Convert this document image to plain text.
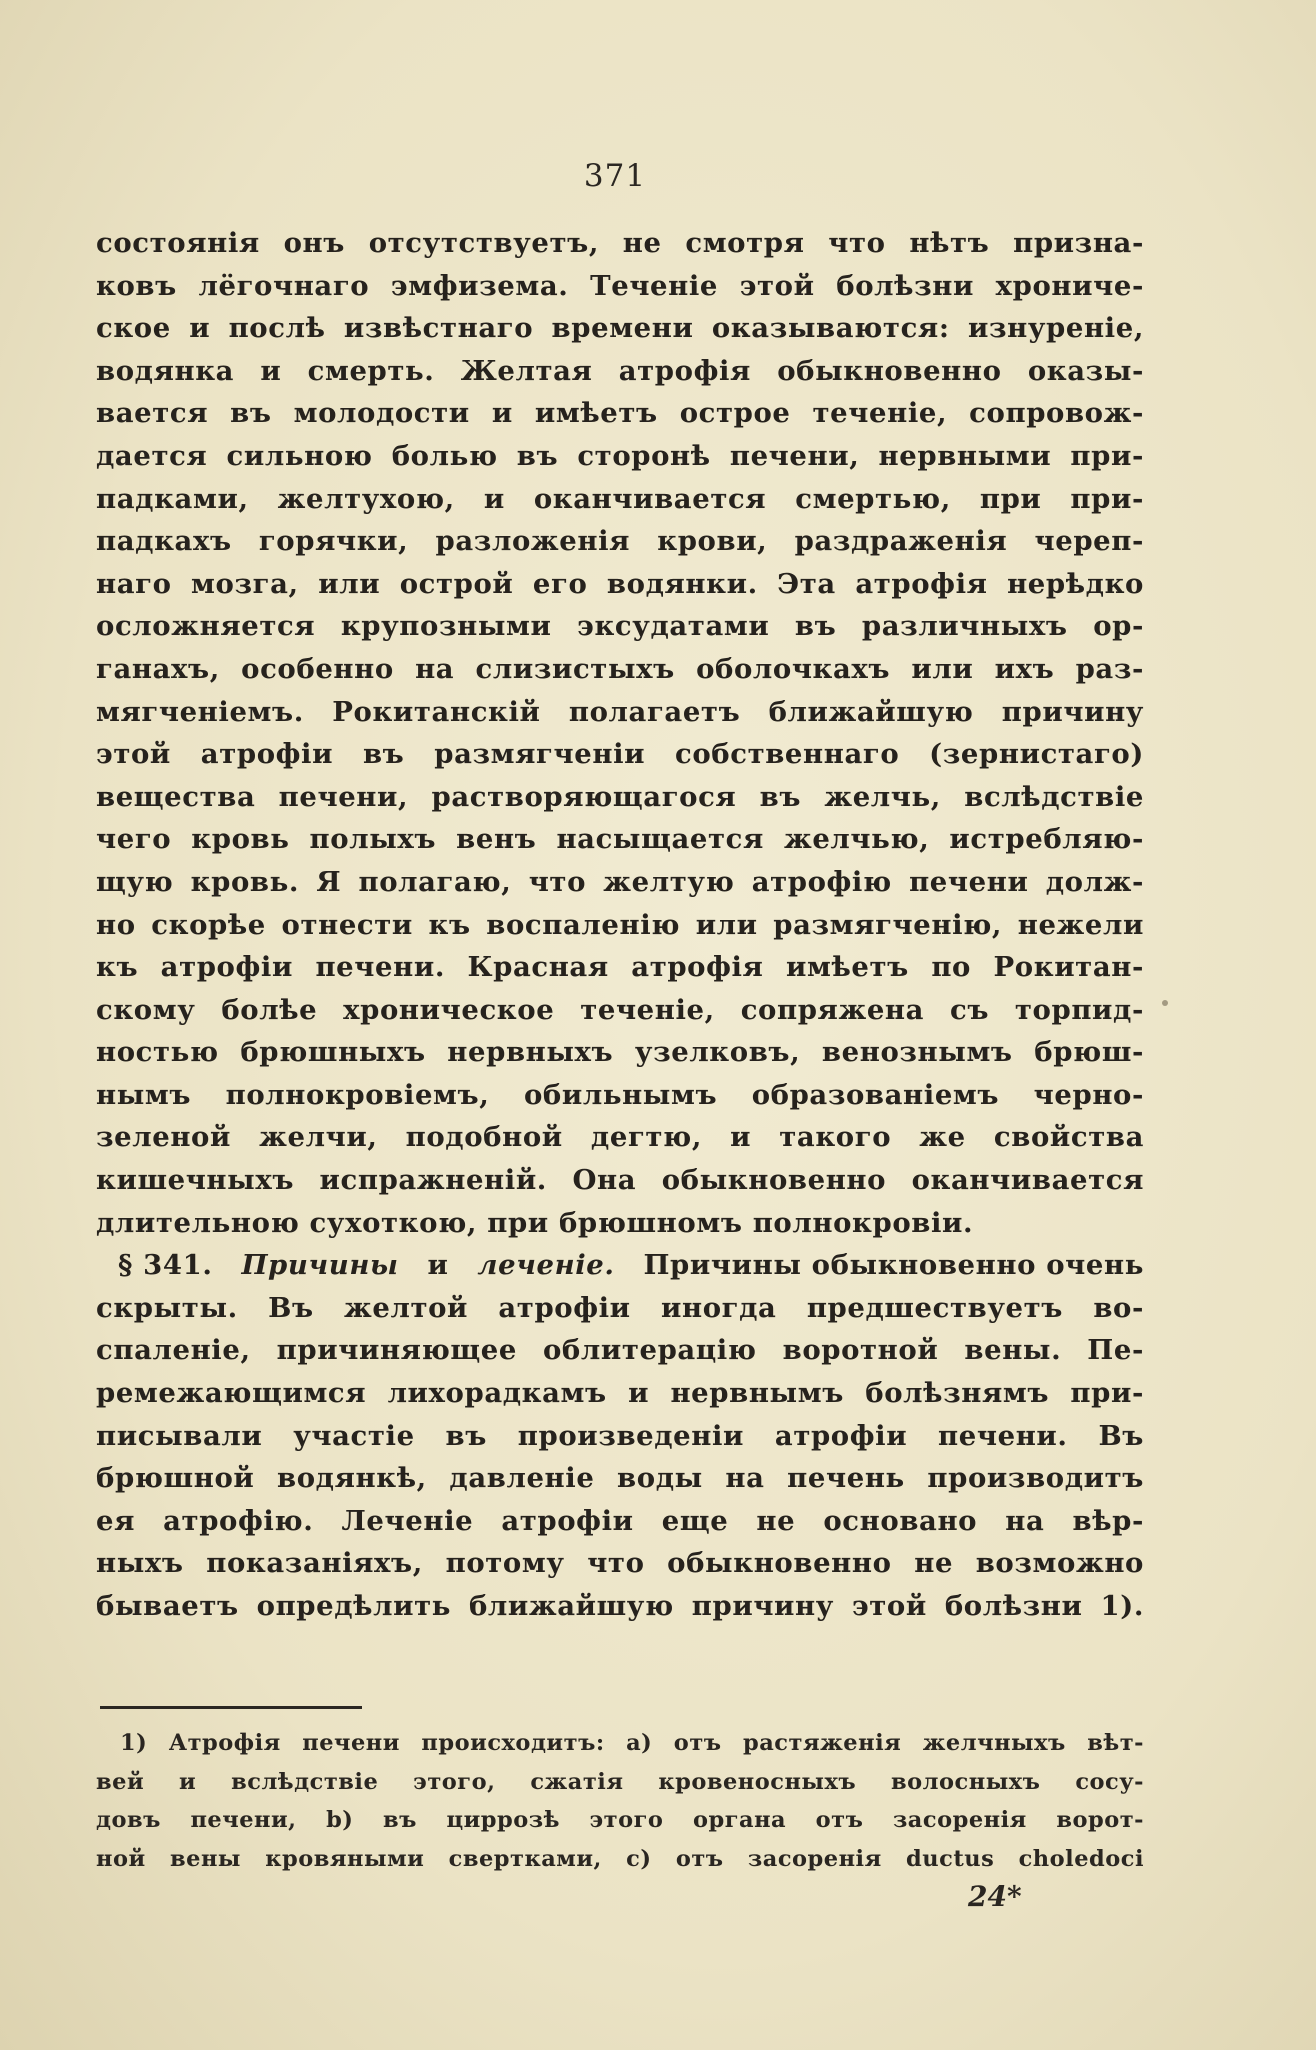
371
состоянія онъ отсутствуетъ, не смотря что нѣтъ призна-
ковъ лёгочнаго эмфизема. Теченіе этой болѣзни хрониче-
ское и послѣ извѣстнаго времени оказываются: изнуреніе,
водянка и смерть. Желтая атрофія обыкновенно оказы-
вается въ молодости и имѣетъ острое теченіе, сопровож-
дается сильною болью въ сторонѣ печени, нервными при-
падками, желтухою, и оканчивается смертью, при при-
падкахъ горячки, разложенія крови, раздраженія череп-
наго мозга, или острой его водянки. Эта атрофія нерѣдко
осложняется крупозными эксудатами въ различныхъ ор-
ганахъ, особенно на слизистыхъ оболочкахъ или ихъ раз-
мягченіемъ. Рокитанскій полагаетъ ближайшую причину
этой атрофіи въ размягченіи собственнаго (зернистаго)
вещества печени, растворяющагося въ желчь, вслѣдствіе
чего кровь полыхъ венъ насыщается желчью, истребляю-
щую кровь. Я полагаю, что желтую атрофію печени долж-
но скорѣе отнести къ воспаленію или размягченію, нежели
къ атрофіи печени. Красная атрофія имѣетъ по Рокитан-
скому болѣе хроническое теченіе, сопряжена съ торпид-
ностью брюшныхъ нервныхъ узелковъ, венознымъ брюш-
нымъ полнокровіемъ, обильнымъ образованіемъ черно-
зеленой желчи, подобной дегтю, и такого же свойства
кишечныхъ испражненій. Она обыкновенно оканчивается
длительною сухоткою, при брюшномъ полнокровіи.
§ 341. Причины и леченіе. Причины обыкновенно очень
скрыты. Въ желтой атрофіи иногда предшествуетъ во-
спаленіе, причиняющее облитерацію воротной вены. Пе-
ремежающимся лихорадкамъ и нервнымъ болѣзнямъ при-
писывали участіе въ произведеніи атрофіи печени. Въ
брюшной водянкѣ, давленіе воды на печень производитъ
ея атрофію. Леченіе атрофіи еще не основано на вѣр-
ныхъ показаніяхъ, потому что обыкновенно не возможно
бываетъ опредѣлить ближайшую причину этой болѣзни 1).
1) Атрофія печени происходитъ: a) отъ растяженія желчныхъ вѣт-
вей и вслѣдствіе этого, сжатія кровеносныхъ волосныхъ сосу-
довъ печени, b) въ циррозѣ этого органа отъ засоренія ворот-
ной вены кровяными свертками, c) отъ засоренія ductus choledoci
24*
